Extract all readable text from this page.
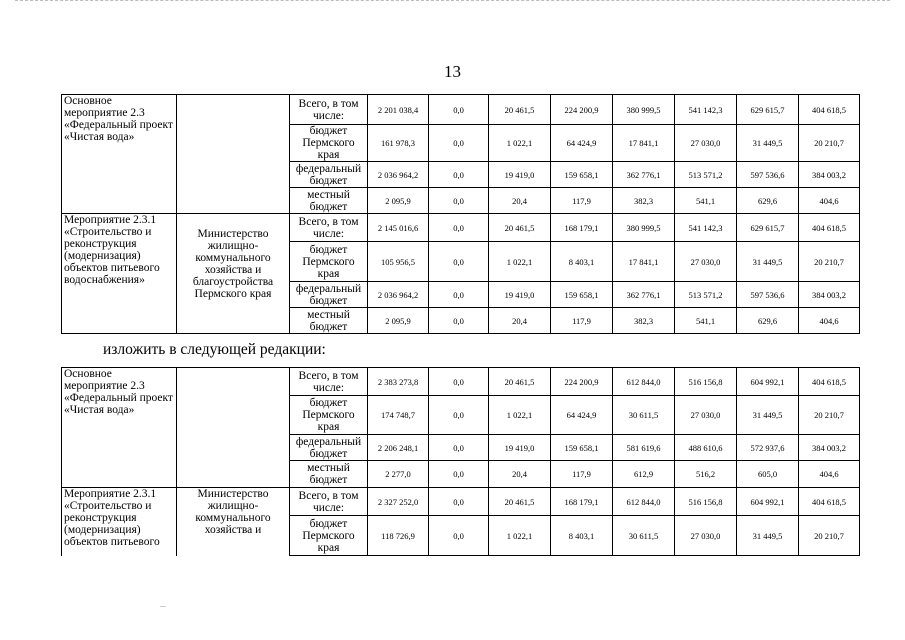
13
Основное мероприятие 2.3 «Федеральный проект «Чистая вода»		Всего, в том числе:	2 201 038,4	0,0	20 461,5	224 200,9	380 999,5	541 142,3	629 615,7	404 618,5
		бюджет Пермского края	161 978,3	0,0	1 022,1	64 424,9	17 841,1	27 030,0	31 449,5	20 210,7
		федеральный бюджет	2 036 964,2	0,0	19 419,0	159 658,1	362 776,1	513 571,2	597 536,6	384 003,2
		местный бюджет	2 095,9	0,0	20,4	117,9	382,3	541,1	629,6	404,6
Мероприятие 2.3.1 «Строительство и реконструкция (модернизация) объектов питьевого водоснабжения»	Министерство жилищно-коммунального хозяйства и благоустройства Пермского края	Всего, в том числе:	2 145 016,6	0,0	20 461,5	168 179,1	380 999,5	541 142,3	629 615,7	404 618,5
		бюджет Пермского края	105 956,5	0,0	1 022,1	8 403,1	17 841,1	27 030,0	31 449,5	20 210,7
		федеральный бюджет	2 036 964,2	0,0	19 419,0	159 658,1	362 776,1	513 571,2	597 536,6	384 003,2
		местный бюджет	2 095,9	0,0	20,4	117,9	382,3	541,1	629,6	404,6
изложить в следующей редакции:
Основное мероприятие 2.3 «Федеральный проект «Чистая вода»		Всего, в том числе:	2 383 273,8	0,0	20 461,5	224 200,9	612 844,0	516 156,8	604 992,1	404 618,5
		бюджет Пермского края	174 748,7	0,0	1 022,1	64 424,9	30 611,5	27 030,0	31 449,5	20 210,7
		федеральный бюджет	2 206 248,1	0,0	19 419,0	159 658,1	581 619,6	488 610,6	572 937,6	384 003,2
		местный бюджет	2 277,0	0,0	20,4	117,9	612,9	516,2	605,0	404,6
Мероприятие 2.3.1 «Строительство и реконструкция (модернизация) объектов питьевого	Министерство жилищно-коммунального хозяйства и	Всего, в том числе:	2 327 252,0	0,0	20 461,5	168 179,1	612 844,0	516 156,8	604 992,1	404 618,5
		бюджет Пермского края	118 726,9	0,0	1 022,1	8 403,1	30 611,5	27 030,0	31 449,5	20 210,7
